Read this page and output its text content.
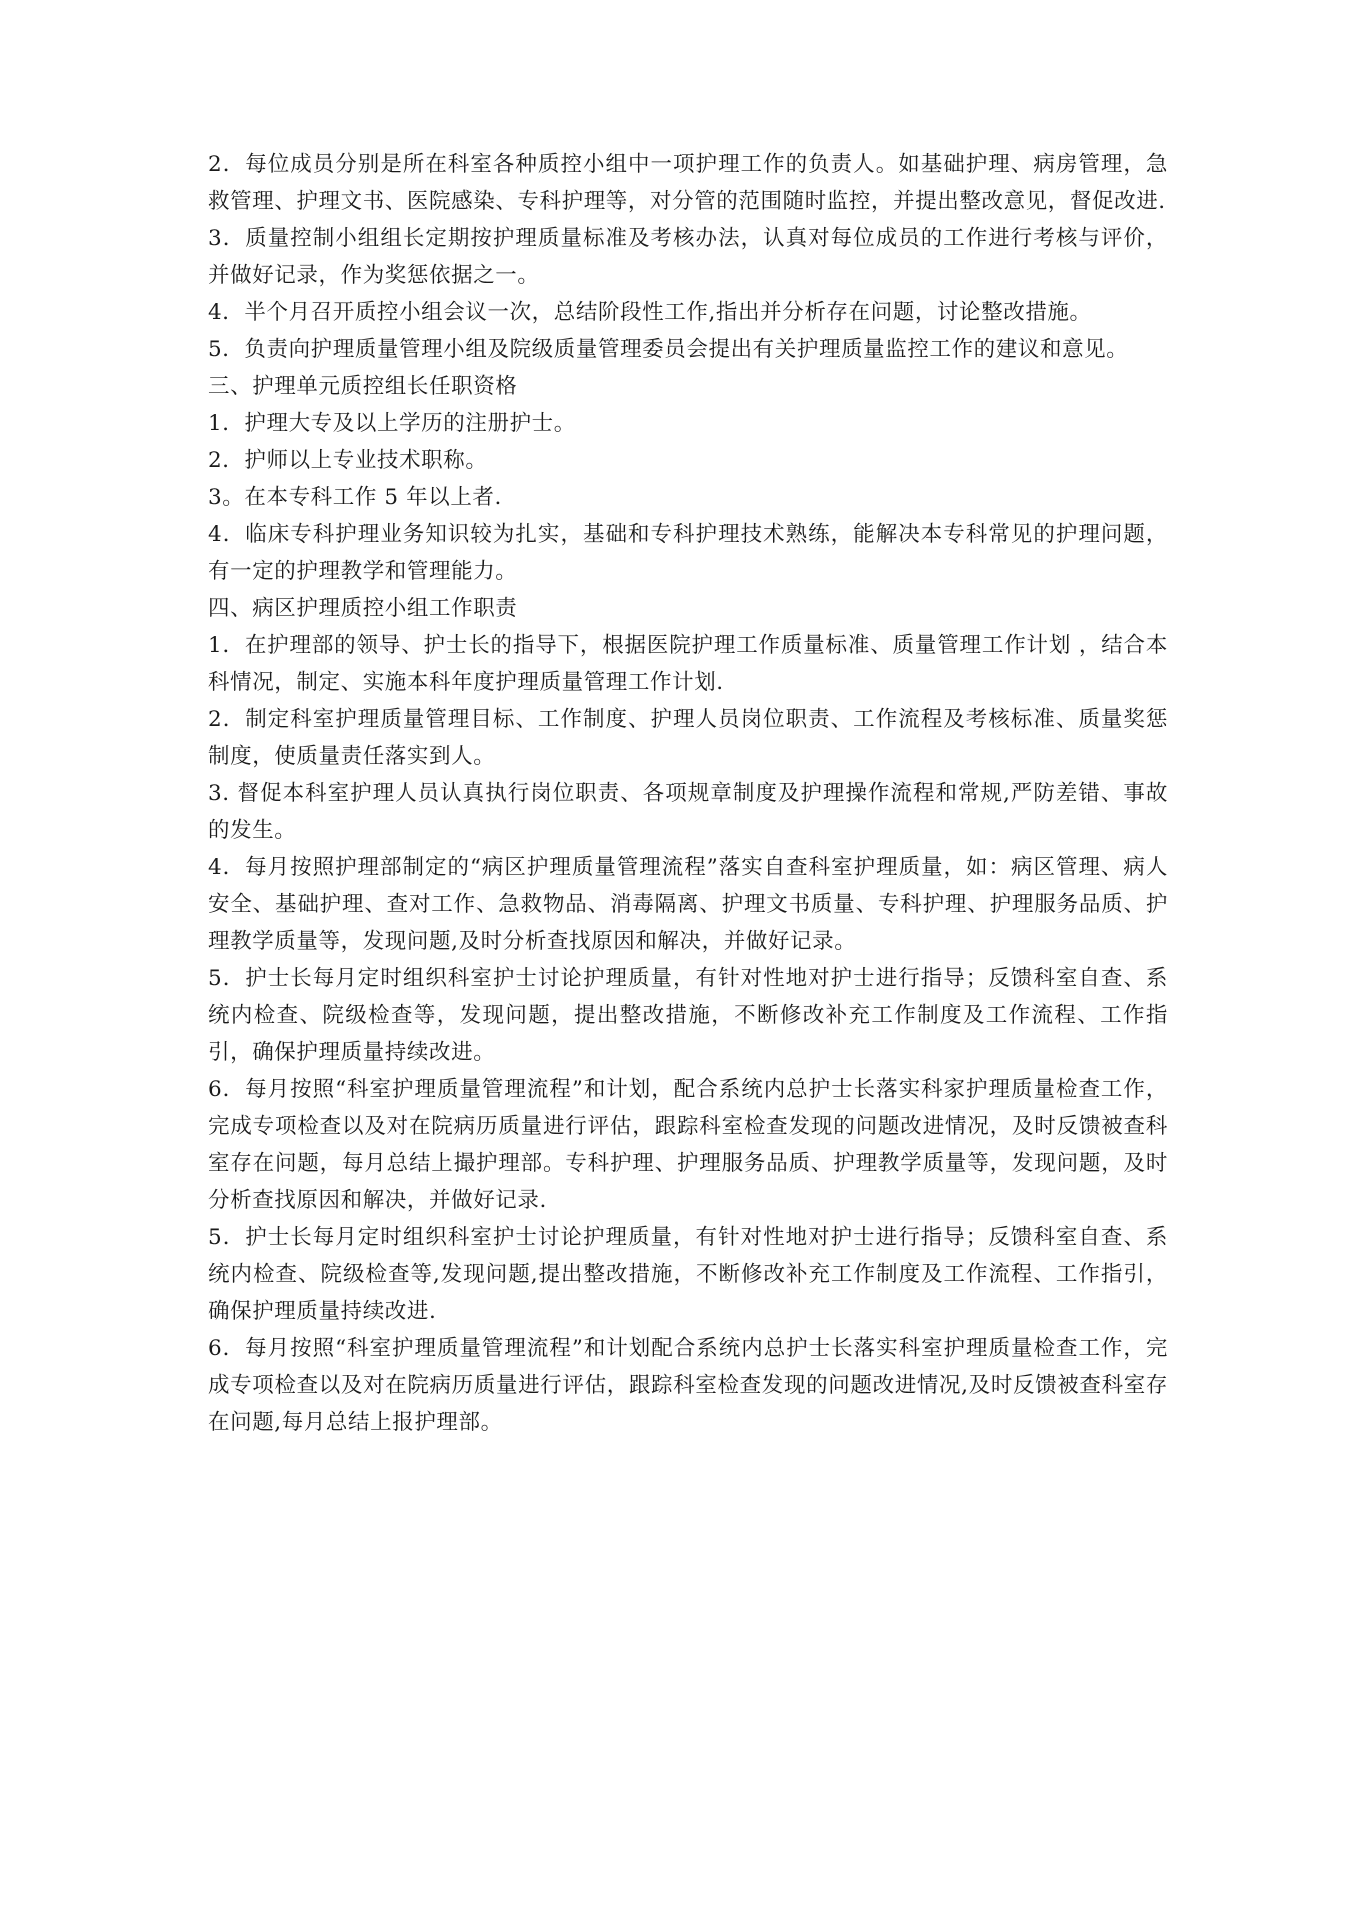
2．每位成员分别是所在科室各种质控小组中一项护理工作的负责人。如基础护理、病房管理，急救管理、护理文书、医院感染、专科护理等，对分管的范围随时监控，并提出整改意见，督促改进.

3．质量控制小组组长定期按护理质量标准及考核办法，认真对每位成员的工作进行考核与评价，并做好记录，作为奖惩依据之一。

4．半个月召开质控小组会议一次，总结阶段性工作,指出并分析存在问题，讨论整改措施。

5．负责向护理质量管理小组及院级质量管理委员会提出有关护理质量监控工作的建议和意见。

三、护理单元质控组长任职资格

1．护理大专及以上学历的注册护士。

2．护师以上专业技术职称。

3。在本专科工作 5 年以上者.

4．临床专科护理业务知识较为扎实，基础和专科护理技术熟练，能解决本专科常见的护理问题，有一定的护理教学和管理能力。

四、病区护理质控小组工作职责

1．在护理部的领导、护士长的指导下，根据医院护理工作质量标准、质量管理工作计划 ，结合本科情况，制定、实施本科年度护理质量管理工作计划.

2．制定科室护理质量管理目标、工作制度、护理人员岗位职责、工作流程及考核标准、质量奖惩制度，使质量责任落实到人。

3. 督促本科室护理人员认真执行岗位职责、各项规章制度及护理操作流程和常规,严防差错、事故的发生。

4．每月按照护理部制定的“病区护理质量管理流程”落实自查科室护理质量，如：病区管理、病人安全、基础护理、查对工作、急救物品、消毒隔离、护理文书质量、专科护理、护理服务品质、护理教学质量等，发现问题,及时分析查找原因和解决，并做好记录。

5．护士长每月定时组织科室护士讨论护理质量，有针对性地对护士进行指导；反馈科室自查、系统内检查、院级检查等，发现问题，提出整改措施，不断修改补充工作制度及工作流程、工作指引，确保护理质量持续改进。

6．每月按照“科室护理质量管理流程”和计划，配合系统内总护士长落实科家护理质量检查工作，完成专项检查以及对在院病历质量进行评估，跟踪科室检查发现的问题改进情况，及时反馈被查科室存在问题，每月总结上撮护理部。专科护理、护理服务品质、护理教学质量等，发现问题，及时分析查找原因和解决，并做好记录.

5．护士长每月定时组织科室护士讨论护理质量，有针对性地对护士进行指导；反馈科室自查、系统内检查、院级检查等,发现问题,提出整改措施，不断修改补充工作制度及工作流程、工作指引，确保护理质量持续改进.

6．每月按照“科室护理质量管理流程”和计划配合系统内总护士长落实科室护理质量检查工作，完成专项检查以及对在院病历质量进行评估，跟踪科室检查发现的问题改进情况,及时反馈被查科室存在问题,每月总结上报护理部。
